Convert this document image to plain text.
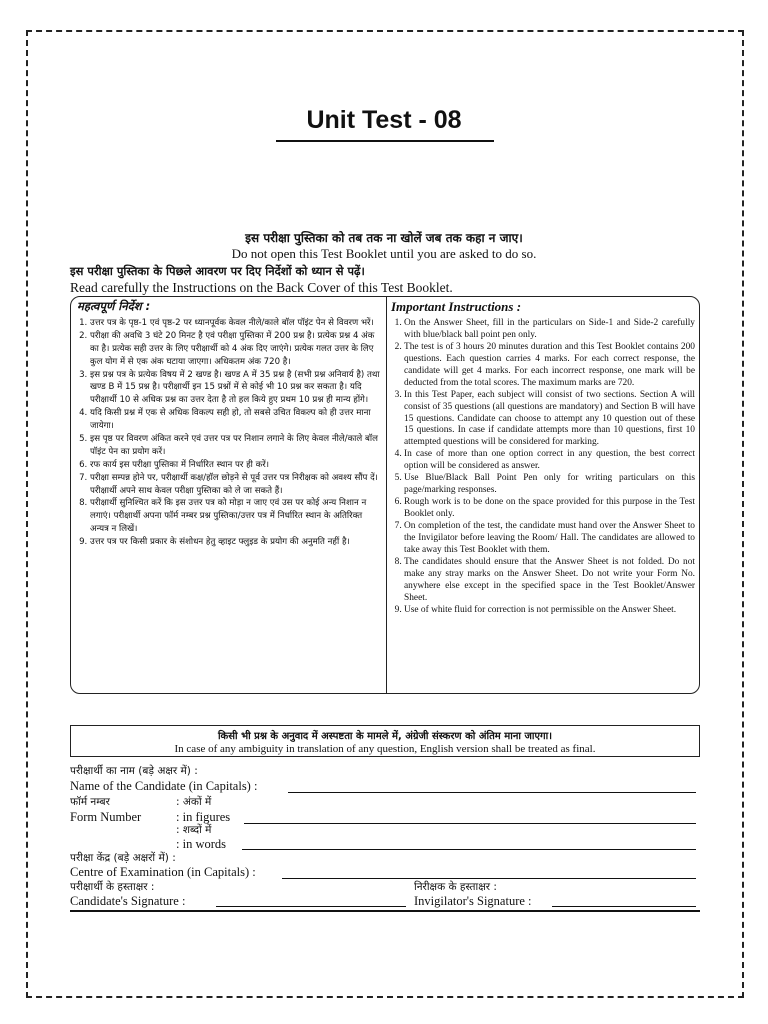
Unit Test - 08
इस परीक्षा पुस्तिका को तब तक ना खोलें जब तक कहा न जाए।
Do not open this Test Booklet until you are asked to do so.
इस परीक्षा पुस्तिका के पिछले आवरण पर दिए निर्देशों को ध्यान से पढ़ें।
Read carefully the Instructions on the Back Cover of this Test Booklet.
महत्वपूर्ण निर्देश :
1. उत्तर पत्र के पृष्ठ-1 एवं पृष्ठ-2 पर ध्यानपूर्वक केवल नीले/काले बॉल पॉइंट पेन से विवरण भरें।
2. परीक्षा की अवधि 3 घंटे 20 मिनट है एवं परीक्षा पुस्तिका में 200 प्रश्न है। प्रत्येक प्रश्न 4 अंक का है। प्रत्येक सही उत्तर के लिए परीक्षार्थी को 4 अंक दिए जाएंगे। प्रत्येक गलत उत्तर के लिए कुल योग में से एक अंक घटाया जाएगा। अधिकतम अंक 720 है।
3. इस प्रश्न पत्र के प्रत्येक विषय में 2 खण्ड है। खण्ड A में 35 प्रश्न है (सभी प्रश्न अनिवार्य है) तथा खण्ड B में 15 प्रश्न है। परीक्षार्थी इन 15 प्रश्नों में से कोई भी 10 प्रश्न कर सकता है। यदि परीक्षार्थी 10 से अधिक प्रश्न का उत्तर देता है तो हल किये हुए प्रथम 10 प्रश्न ही मान्य होंगे।
4. यदि किसी प्रश्न में एक से अधिक विकल्प सही हो, तो सबसे उचित विकल्प को ही उत्तर माना जायेगा।
5. इस पृष्ठ पर विवरण अंकित करने एवं उत्तर पत्र पर निशान लगाने के लिए केवल नीले/काले बॉल पॉइंट पेन का प्रयोग करें।
6. रफ कार्य इस परीक्षा पुस्तिका में निर्धारित स्थान पर ही करें।
7. परीक्षा सम्पन्न होने पर, परीक्षार्थी कक्ष/हॉल छोड़ने से पूर्व उत्तर पत्र निरीक्षक को अवश्य सौंप दें। परीक्षार्थी अपने साथ केवल परीक्षा पुस्तिका को ले जा सकते हैं।
8. परीक्षार्थी सुनिश्चित करें कि इस उत्तर पत्र को मोड़ा न जाए एवं उस पर कोई अन्य निशान न लगाएं। परीक्षार्थी अपना फॉर्म नम्बर प्रश्न पुस्तिका/उत्तर पत्र में निर्धारित स्थान के अतिरिक्त अन्यत्र न लिखें।
9. उत्तर पत्र पर किसी प्रकार के संशोधन हेतु व्हाइट फ्लुइड के प्रयोग की अनुमति नहीं है।
Important Instructions :
1. On the Answer Sheet, fill in the particulars on Side-1 and Side-2 carefully with blue/black ball point pen only.
2. The test is of 3 hours 20 minutes duration and this Test Booklet contains 200 questions. Each question carries 4 marks. For each correct response, the candidate will get 4 marks. For each incorrect response, one mark will be deducted from the total scores. The maximum marks are 720.
3. In this Test Paper, each subject will consist of two sections. Section A will consist of 35 questions (all questions are mandatory) and Section B will have 15 questions. Candidate can choose to attempt any 10 question out of these 15 questions. In case if candidate attempts more than 10 questions, first 10 attempted questions will be considered for marking.
4. In case of more than one option correct in any question, the best correct option will be considered as answer.
5. Use Blue/Black Ball Point Pen only for writing particulars on this page/marking responses.
6. Rough work is to be done on the space provided for this purpose in the Test Booklet only.
7. On completion of the test, the candidate must hand over the Answer Sheet to the Invigilator before leaving the Room/ Hall. The candidates are allowed to take away this Test Booklet with them.
8. The candidates should ensure that the Answer Sheet is not folded. Do not make any stray marks on the Answer Sheet. Do not write your Form No. anywhere else except in the specified space in the Test Booklet/Answer Sheet.
9. Use of white fluid for correction is not permissible on the Answer Sheet.
किसी भी प्रश्न के अनुवाद में अस्पष्टता के मामले में, अंग्रेजी संस्करण को अंतिम माना जाएगा।
In case of any ambiguity in translation of any question, English version shall be treated as final.
परीक्षार्थी का नाम (बड़े अक्षर में) :
Name of the Candidate (in Capitals) :
फॉर्म नम्बर	: अंकों में
Form Number	: in figures
: शब्दों में
: in words
परीक्षा केंद्र (बड़े अक्षरों में) :
Centre of Examination (in Capitals) :
परीक्षार्थी के हस्ताक्षर :
Candidate's Signature :
निरीक्षक के हस्ताक्षर :
Invigilator's Signature :
